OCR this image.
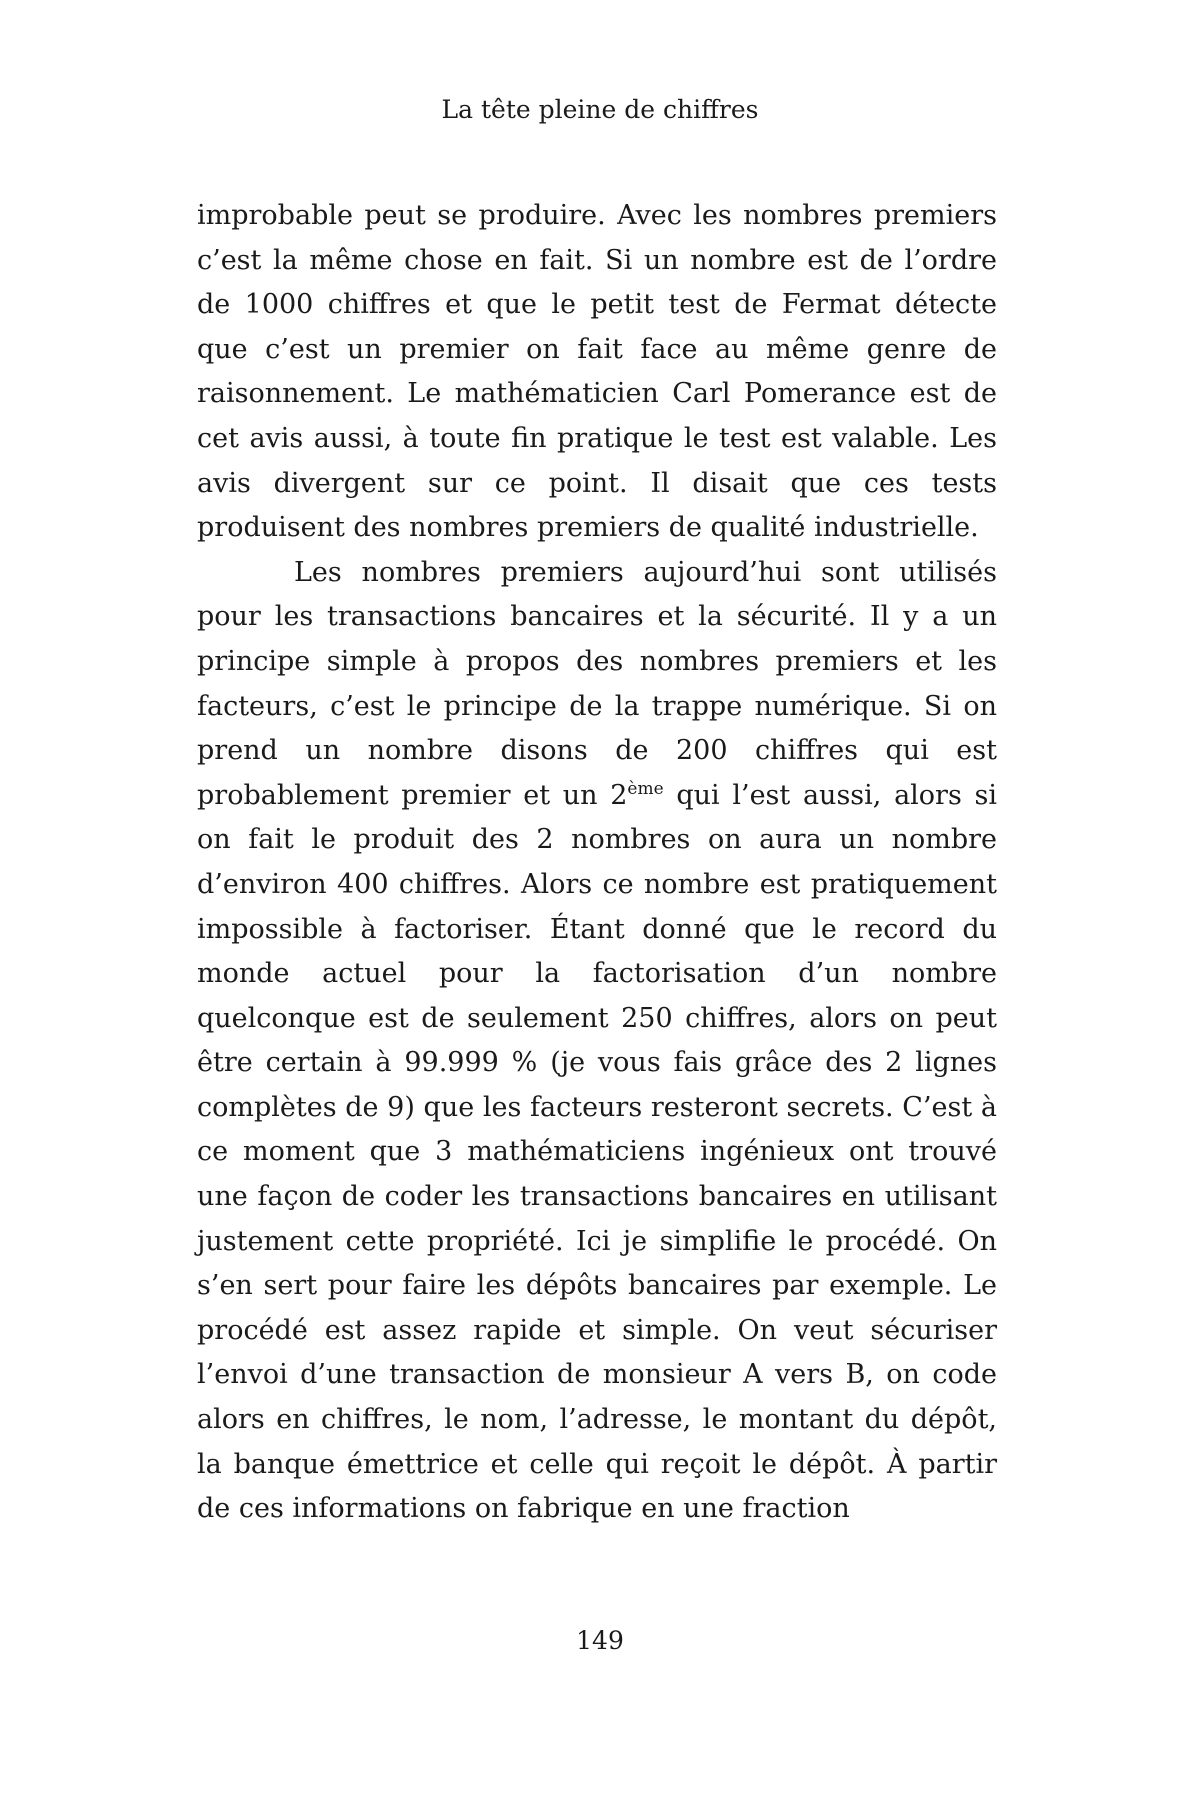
La tête pleine de chiffres

improbable peut se produire. Avec les nombres premiers c’est la même chose en fait. Si un nombre est de l’ordre de 1000 chiffres et que le petit test de Fermat détecte que c’est un premier on fait face au même genre de raisonnement. Le mathématicien Carl Pomerance est de cet avis aussi, à toute fin pratique le test est valable. Les avis divergent sur ce point. Il disait que ces tests produisent des nombres premiers de qualité industrielle.

Les nombres premiers aujourd’hui sont utilisés pour les transactions bancaires et la sécurité. Il y a un principe simple à propos des nombres premiers et les facteurs, c’est le principe de la trappe numérique. Si on prend un nombre disons de 200 chiffres qui est probablement premier et un 2ème qui l’est aussi, alors si on fait le produit des 2 nombres on aura un nombre d’environ 400 chiffres. Alors ce nombre est pratiquement impossible à factoriser. Étant donné que le record du monde actuel pour la factorisation d’un nombre quelconque est de seulement 250 chiffres, alors on peut être certain à 99.999 % (je vous fais grâce des 2 lignes complètes de 9) que les facteurs resteront secrets. C’est à ce moment que 3 mathématiciens ingénieux ont trouvé une façon de coder les transactions bancaires en utilisant justement cette propriété. Ici je simplifie le procédé. On s’en sert pour faire les dépôts bancaires par exemple. Le procédé est assez rapide et simple. On veut sécuriser l’envoi d’une transaction de monsieur A vers B, on code alors en chiffres, le nom, l’adresse, le montant du dépôt, la banque émettrice et celle qui reçoit le dépôt. À partir de ces informations on fabrique en une fraction

149
